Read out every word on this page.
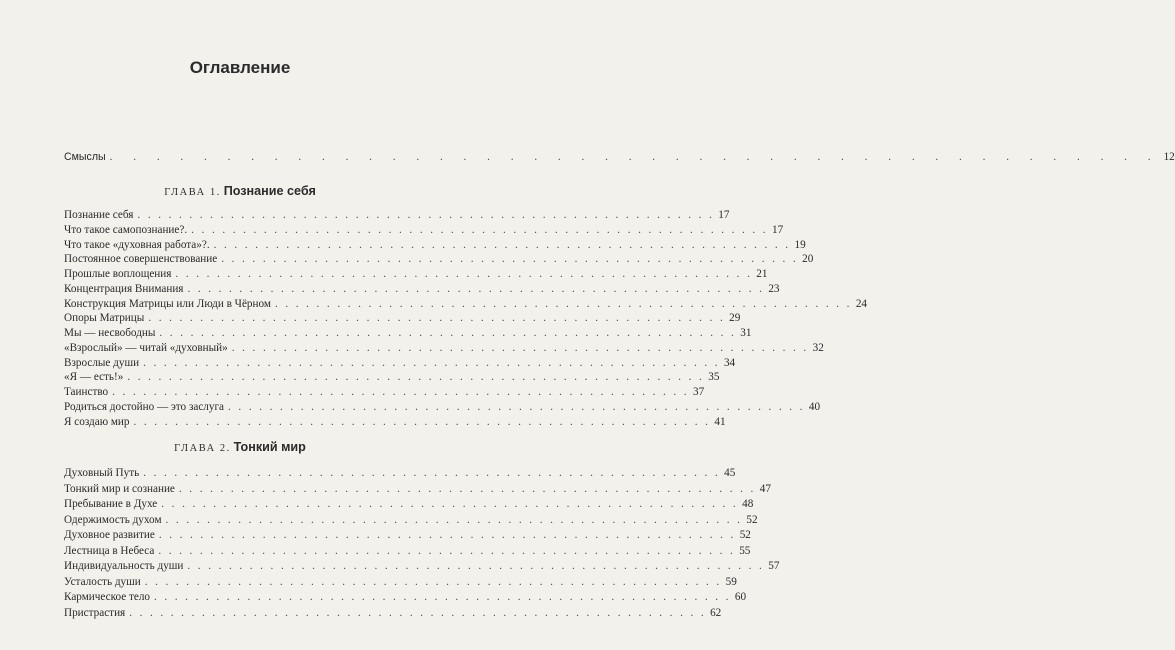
Оглавление
Смыслы . . . . . . . . . . . . . . . . . . . . . . . . . . . . . . . . . . . . . . . . . . . . . 12
ГЛАВА 1. Познание себя
Познание себя . . . . . . . . . . . . . . . . . . . . . . . . . . . . . . . . . . . . . . . . . . . . . . . . . . . . . . . . 17
Что такое самопознание?. . . . . . . . . . . . . . . . . . . . . . . . . . . . . . . . . . . . . . . . . . . . . . . . . . . . . . . . . 17
Что такое «духовная работа»?. . . . . . . . . . . . . . . . . . . . . . . . . . . . . . . . . . . . . . . . . . . . . . . . . . . . . . . . . 19
Постоянное совершенствование . . . . . . . . . . . . . . . . . . . . . . . . . . . . . . . . . . . . . . . . . . . . . . . . . . . . . . . . 20
Прошлые воплощения . . . . . . . . . . . . . . . . . . . . . . . . . . . . . . . . . . . . . . . . . . . . . . . . . . . . . . . . 21
Концентрация Внимания . . . . . . . . . . . . . . . . . . . . . . . . . . . . . . . . . . . . . . . . . . . . . . . . . . . . . . . . 23
Конструкция Матрицы или Люди в Чёрном . . . . . . . . . . . . . . . . . . . . . . . . . . . . . . . . . . . . . . . . . . . . . . . . . . . . . . . . 24
Опоры Матрицы . . . . . . . . . . . . . . . . . . . . . . . . . . . . . . . . . . . . . . . . . . . . . . . . . . . . . . . . 29
Мы — несвободны . . . . . . . . . . . . . . . . . . . . . . . . . . . . . . . . . . . . . . . . . . . . . . . . . . . . . . . . 31
«Взрослый» — читай «духовный» . . . . . . . . . . . . . . . . . . . . . . . . . . . . . . . . . . . . . . . . . . . . . . . . . . . . . . . . 32
Взрослые души . . . . . . . . . . . . . . . . . . . . . . . . . . . . . . . . . . . . . . . . . . . . . . . . . . . . . . . . 34
«Я — есть!» . . . . . . . . . . . . . . . . . . . . . . . . . . . . . . . . . . . . . . . . . . . . . . . . . . . . . . . . 35
Таинство . . . . . . . . . . . . . . . . . . . . . . . . . . . . . . . . . . . . . . . . . . . . . . . . . . . . . . . . 37
Родиться достойно — это заслуга . . . . . . . . . . . . . . . . . . . . . . . . . . . . . . . . . . . . . . . . . . . . . . . . . . . . . . . . 40
Я создаю мир . . . . . . . . . . . . . . . . . . . . . . . . . . . . . . . . . . . . . . . . . . . . . . . . . . . . . . . . 41
ГЛАВА 2. Тонкий мир
Духовный Путь . . . . . . . . . . . . . . . . . . . . . . . . . . . . . . . . . . . . . . . . . . . . . . . . . . . . . . . . 45
Тонкий мир и сознание . . . . . . . . . . . . . . . . . . . . . . . . . . . . . . . . . . . . . . . . . . . . . . . . . . . . . . . . 47
Пребывание в Духе . . . . . . . . . . . . . . . . . . . . . . . . . . . . . . . . . . . . . . . . . . . . . . . . . . . . . . . . 48
Одержимость духом . . . . . . . . . . . . . . . . . . . . . . . . . . . . . . . . . . . . . . . . . . . . . . . . . . . . . . . . 52
Духовное развитие . . . . . . . . . . . . . . . . . . . . . . . . . . . . . . . . . . . . . . . . . . . . . . . . . . . . . . . . 52
Лестница в Небеса . . . . . . . . . . . . . . . . . . . . . . . . . . . . . . . . . . . . . . . . . . . . . . . . . . . . . . . . 55
Индивидуальность души . . . . . . . . . . . . . . . . . . . . . . . . . . . . . . . . . . . . . . . . . . . . . . . . . . . . . . . . 57
Усталость души . . . . . . . . . . . . . . . . . . . . . . . . . . . . . . . . . . . . . . . . . . . . . . . . . . . . . . . . 59
Кармическое тело . . . . . . . . . . . . . . . . . . . . . . . . . . . . . . . . . . . . . . . . . . . . . . . . . . . . . . . . 60
Пристрастия . . . . . . . . . . . . . . . . . . . . . . . . . . . . . . . . . . . . . . . . . . . . . . . . . . . . . . . . 62
